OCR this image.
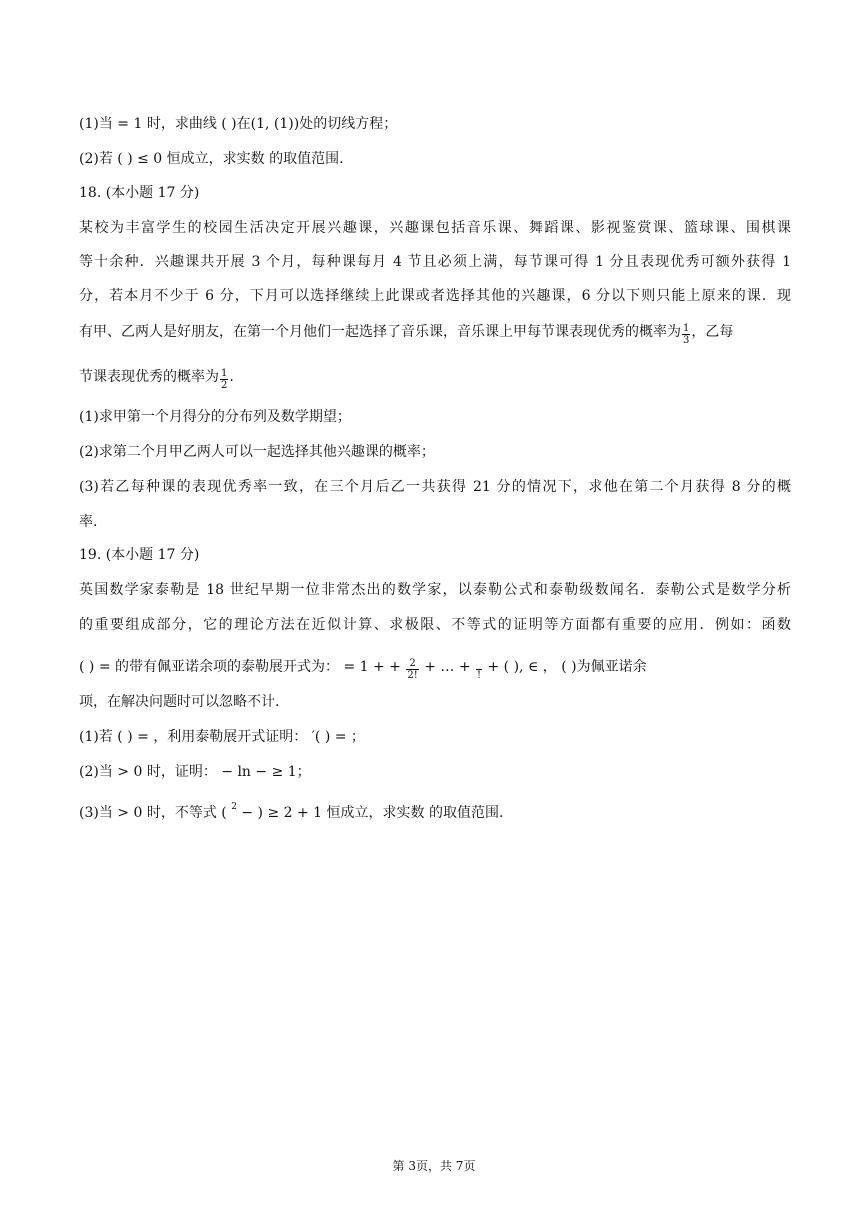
(1)当 = 1 时，求曲线 ( )在(1, (1))处的切线方程；
(2)若 ( ) ≤ 0 恒成立，求实数 的取值范围.
18. (本小题 17 分)
某校为丰富学生的校园生活决定开展兴趣课，兴趣课包括音乐课、舞蹈课、影视鉴赏课、篮球课、围棋课
等十余种．兴趣课共开展 3 个月，每种课每月 4 节且必须上满，每节课可得 1 分且表现优秀可额外获得 1
分，若本月不少于 6 分，下月可以选择继续上此课或者选择其他的兴趣课，6 分以下则只能上原来的课．现
有甲、乙两人是好朋友，在第一个月他们一起选择了音乐课，音乐课上甲每节课表现优秀的概率为 $\frac{1}{3}$ ，乙每
节课表现优秀的概率为 $\frac{1}{2}$ .
(1)求甲第一个月得分的分布列及数学期望；
(2)求第二个月甲乙两人可以一起选择其他兴趣课的概率；
(3)若乙每种课的表现优秀率一致，在三个月后乙一共获得 21 分的情况下，求他在第二个月获得 8 分的概
率.
19. (本小题 17 分)
英国数学家泰勒是 18 世纪早期一位非常杰出的数学家，以泰勒公式和泰勒级数闻名．泰勒公式是数学分析
的重要组成部分，它的理论方法在近似计算、求极限、不等式的证明等方面都有重要的应用．例如：函数
( ) = 的带有佩亚诺余项的泰勒展开式为： = 1 + + $\frac{2}{2!}$ + … +
!
+ ( ), ∈ ， ( )为佩亚诺余
项，在解决问题时可以忽略不计.
(1)若 ( ) = ，利用泰勒展开式证明： ′( ) = ；
(2)当 > 0 时，证明： − ln − ≥ 1；
(3)当 > 0 时，不等式 ( $^2$ − ) ≥ 2 + 1 恒成立，求实数 的取值范围.
第 3页，共 7页
